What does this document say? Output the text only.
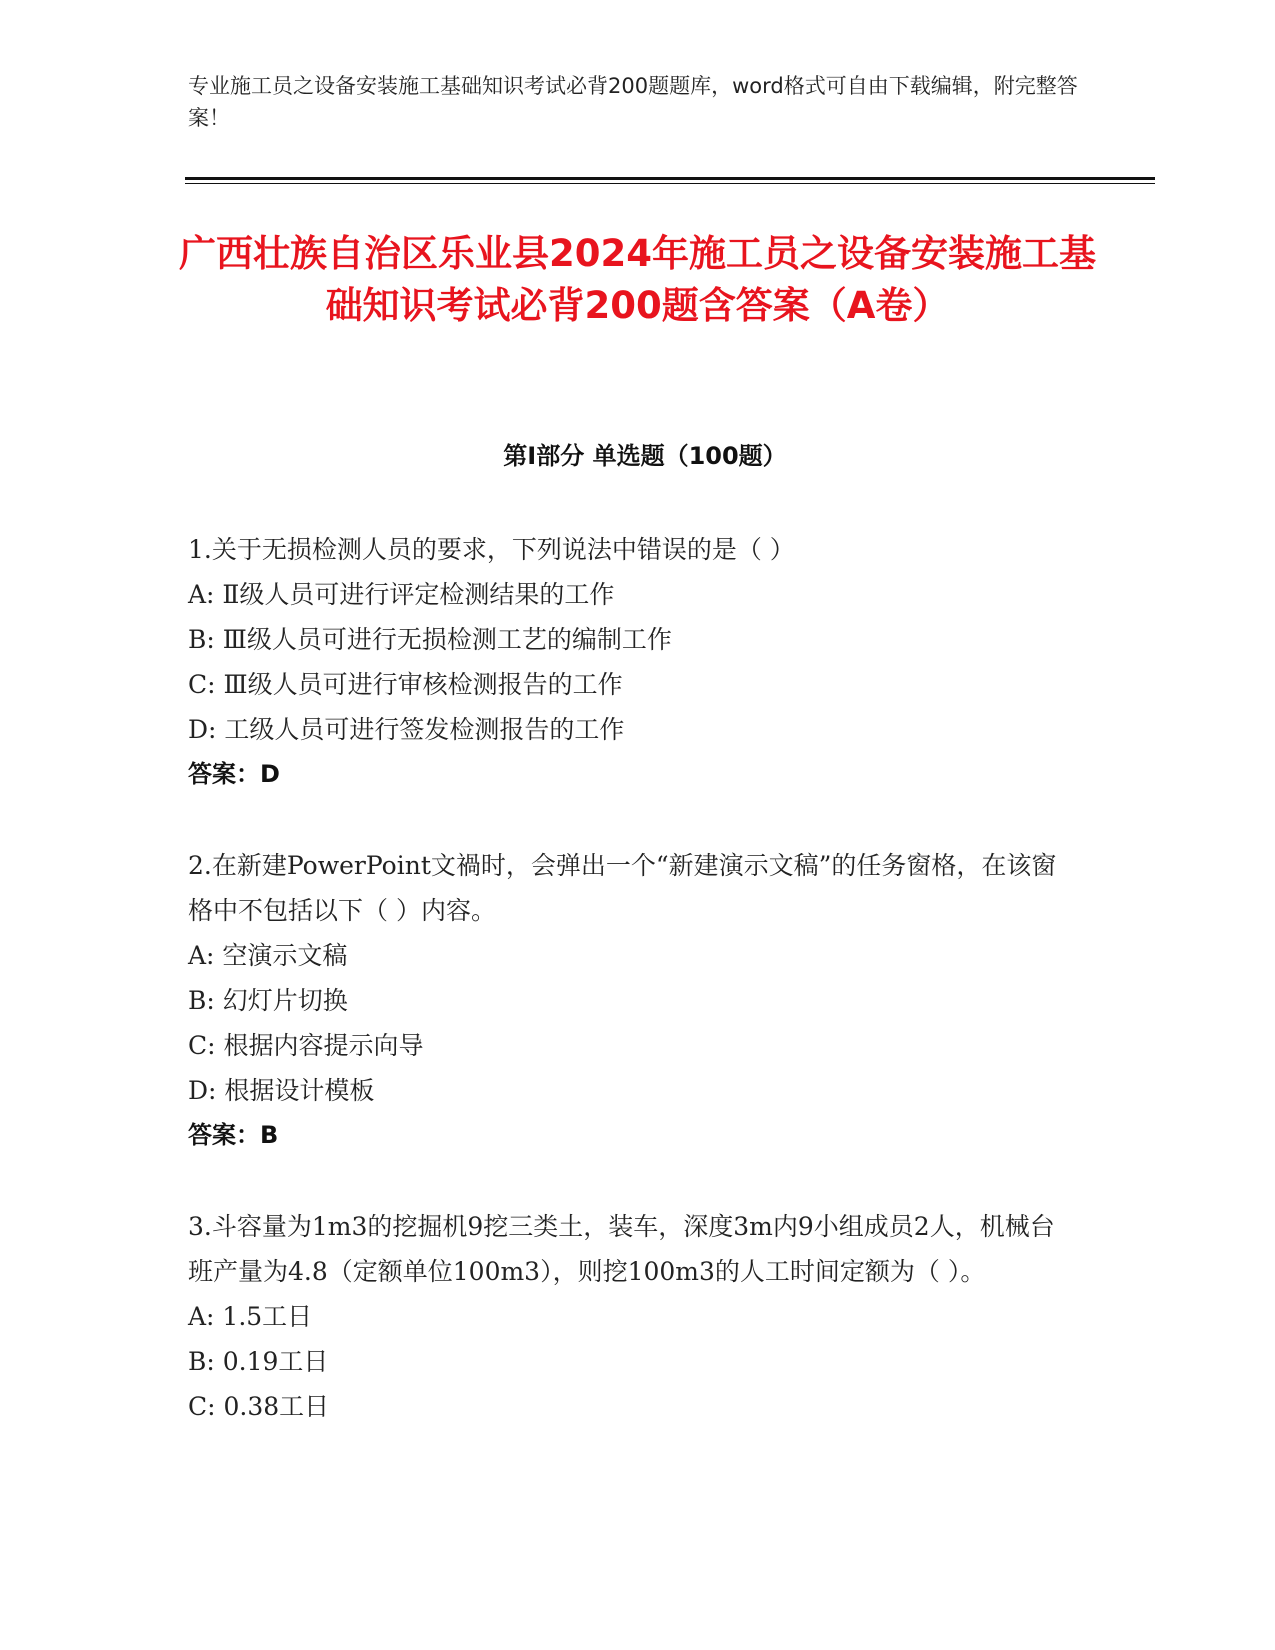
专业施工员之设备安装施工基础知识考试必背200题题库，word格式可自由下载编辑，附完整答案！
广西壮族自治区乐业县2024年施工员之设备安装施工基础知识考试必背200题含答案（A卷）
第I部分 单选题（100题）

1.关于无损检测人员的要求，下列说法中错误的是（ ）

A: Ⅱ级人员可进行评定检测结果的工作

B: Ⅲ级人员可进行无损检测工艺的编制工作

C: Ⅲ级人员可进行审核检测报告的工作

D: 工级人员可进行签发检测报告的工作

答案：D

2.在新建PowerPoint文禍时，会弹出一个“新建演示文稿”的任务窗格，在该窗格中不包括以下（ ）内容。

A: 空演示文稿

B: 幻灯片切换

C: 根据内容提示向导

D: 根据设计模板

答案：B

3.斗容量为1m3的挖掘机9挖三类土，装车，深度3m内9小组成员2人，机械台班产量为4.8（定额单位100m3），则挖100m3的人工时间定额为（ ）。

A: 1.5工日

B: 0.19工日

C: 0.38工日
